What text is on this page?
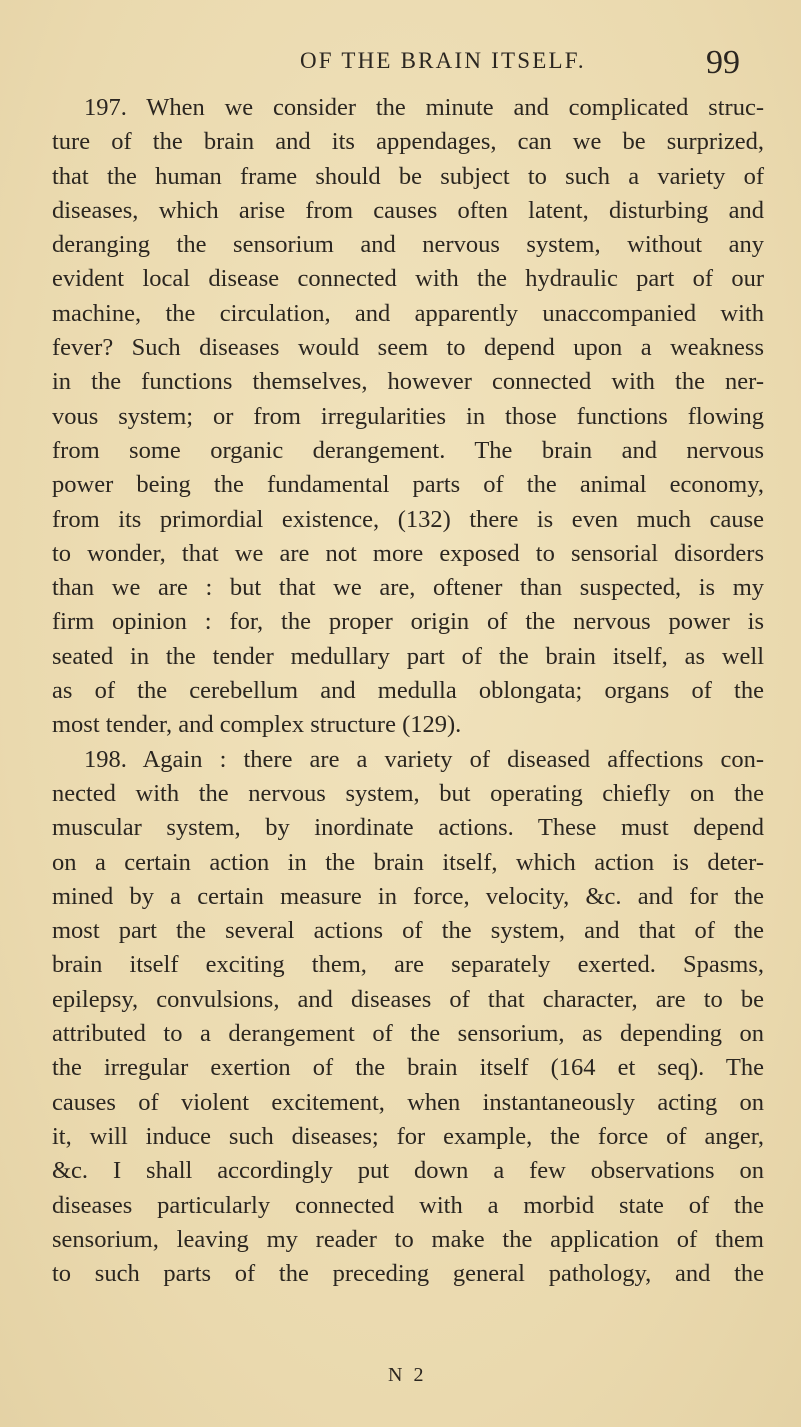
OF THE BRAIN ITSELF.	99
197. When we consider the minute and complicated struc-
ture of the brain and its appendages, can we be surprized,
that the human frame should be subject to such a variety of
diseases, which arise from causes often latent, disturbing and
deranging the sensorium and nervous system, without any
evident local disease connected with the hydraulic part of our
machine, the circulation, and apparently unaccompanied with
fever? Such diseases would seem to depend upon a weakness
in the functions themselves, however connected with the ner-
vous system; or from irregularities in those functions flowing
from some organic derangement. The brain and nervous
power being the fundamental parts of the animal economy,
from its primordial existence, (132) there is even much cause
to wonder, that we are not more exposed to sensorial disorders
than we are : but that we are, oftener than suspected, is my
firm opinion : for, the proper origin of the nervous power is
seated in the tender medullary part of the brain itself, as well
as of the cerebellum and medulla oblongata; organs of the
most tender, and complex structure (129).
198. Again : there are a variety of diseased affections con-
nected with the nervous system, but operating chiefly on the
muscular system, by inordinate actions. These must depend
on a certain action in the brain itself, which action is deter-
mined by a certain measure in force, velocity, &c. and for the
most part the several actions of the system, and that of the
brain itself exciting them, are separately exerted. Spasms,
epilepsy, convulsions, and diseases of that character, are to be
attributed to a derangement of the sensorium, as depending on
the irregular exertion of the brain itself (164 et seq). The
causes of violent excitement, when instantaneously acting on
it, will induce such diseases; for example, the force of anger,
&c. I shall accordingly put down a few observations on
diseases particularly connected with a morbid state of the
sensorium, leaving my reader to make the application of them
to such parts of the preceding general pathology, and the
N 2
